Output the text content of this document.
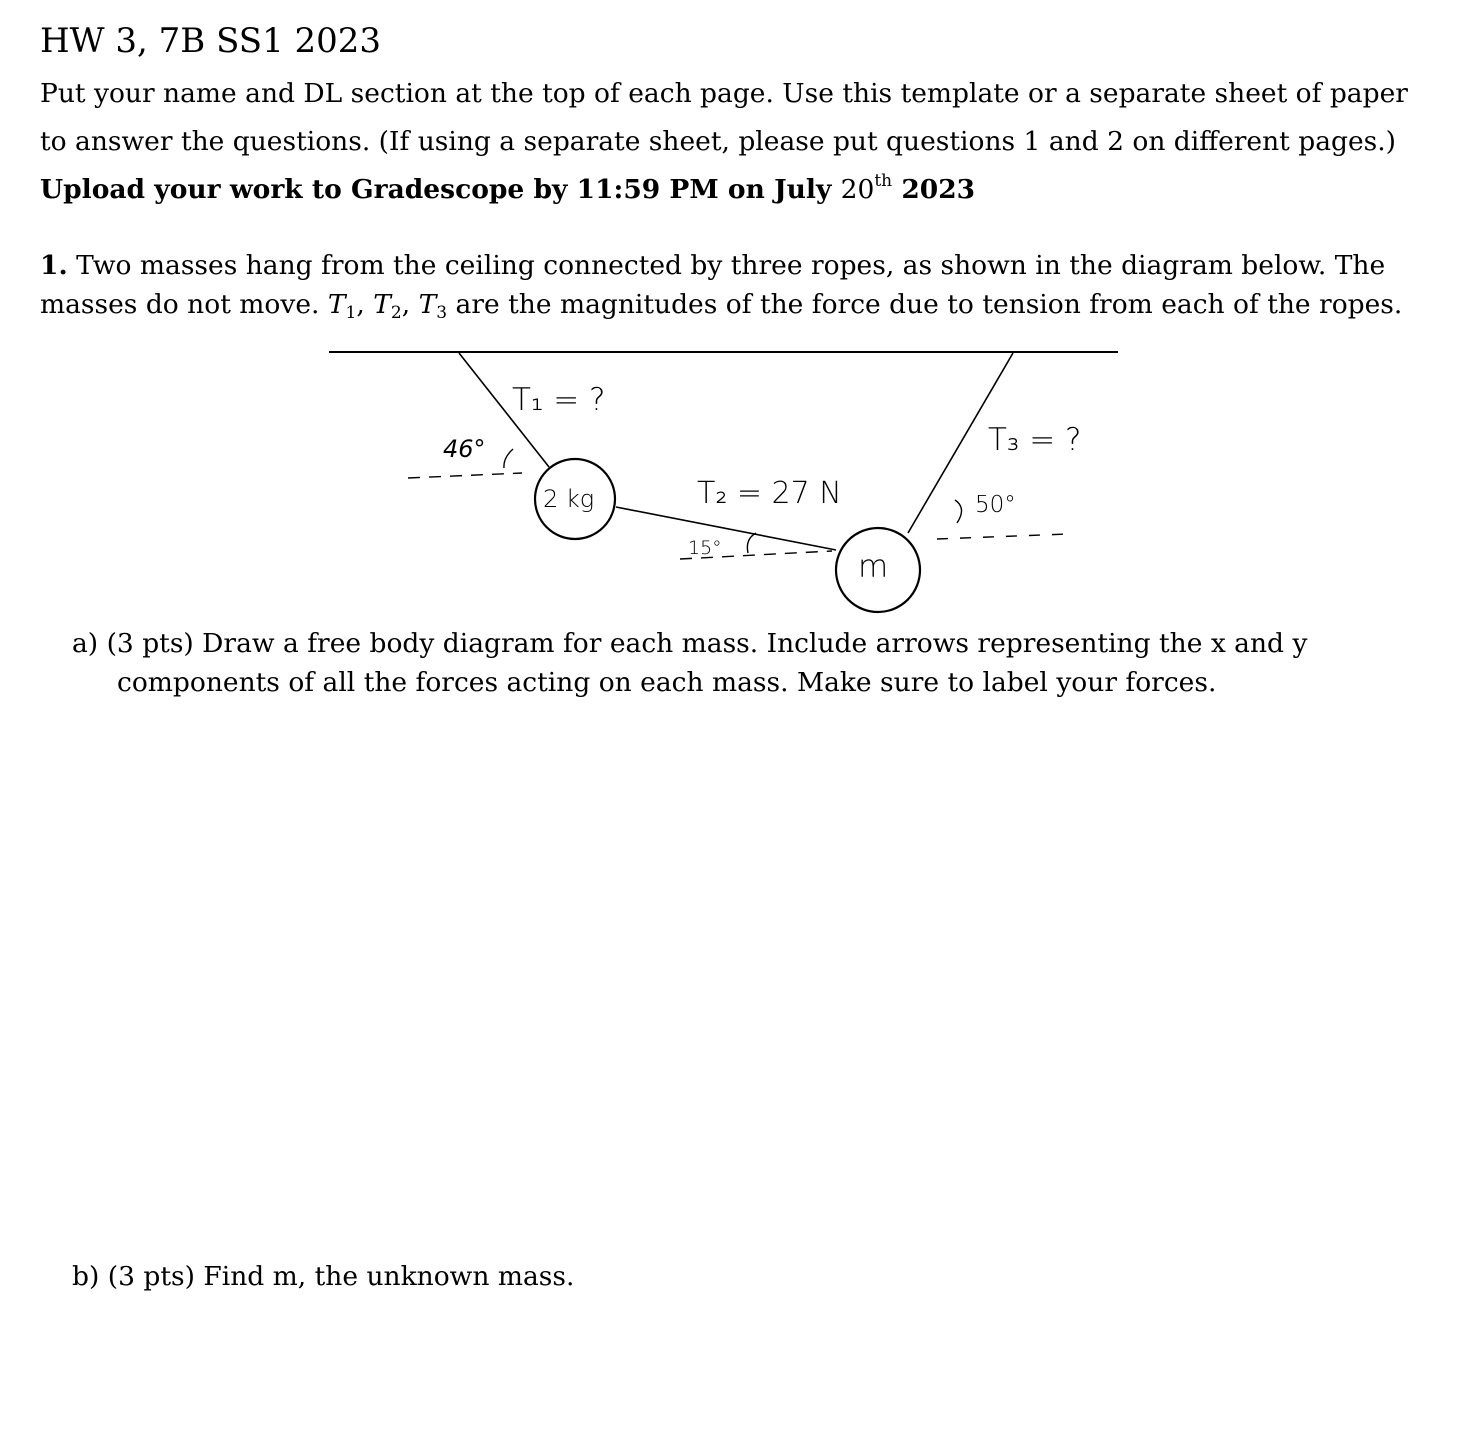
HW 3, 7B SS1 2023

Put your name and DL section at the top of each page. Use this template or a separate sheet of paper

to answer the questions. (If using a separate sheet, please put questions 1 and 2 on different pages.)

Upload your work to Gradescope by 11:59 PM on July 20th 2023

1. Two masses hang from the ceiling connected by three ropes, as shown in the diagram below. The

masses do not move. $T_1$, $T_2$, $T_3$ are the magnitudes of the force due to tension from each of the ropes.

T₁ = ?
46°
2 kg	T₂ = 27 N
15°
T₃ = ?
50°
m

a) (3 pts) Draw a free body diagram for each mass. Include arrows representing the x and y

components of all the forces acting on each mass. Make sure to label your forces.

b) (3 pts) Find m, the unknown mass.
